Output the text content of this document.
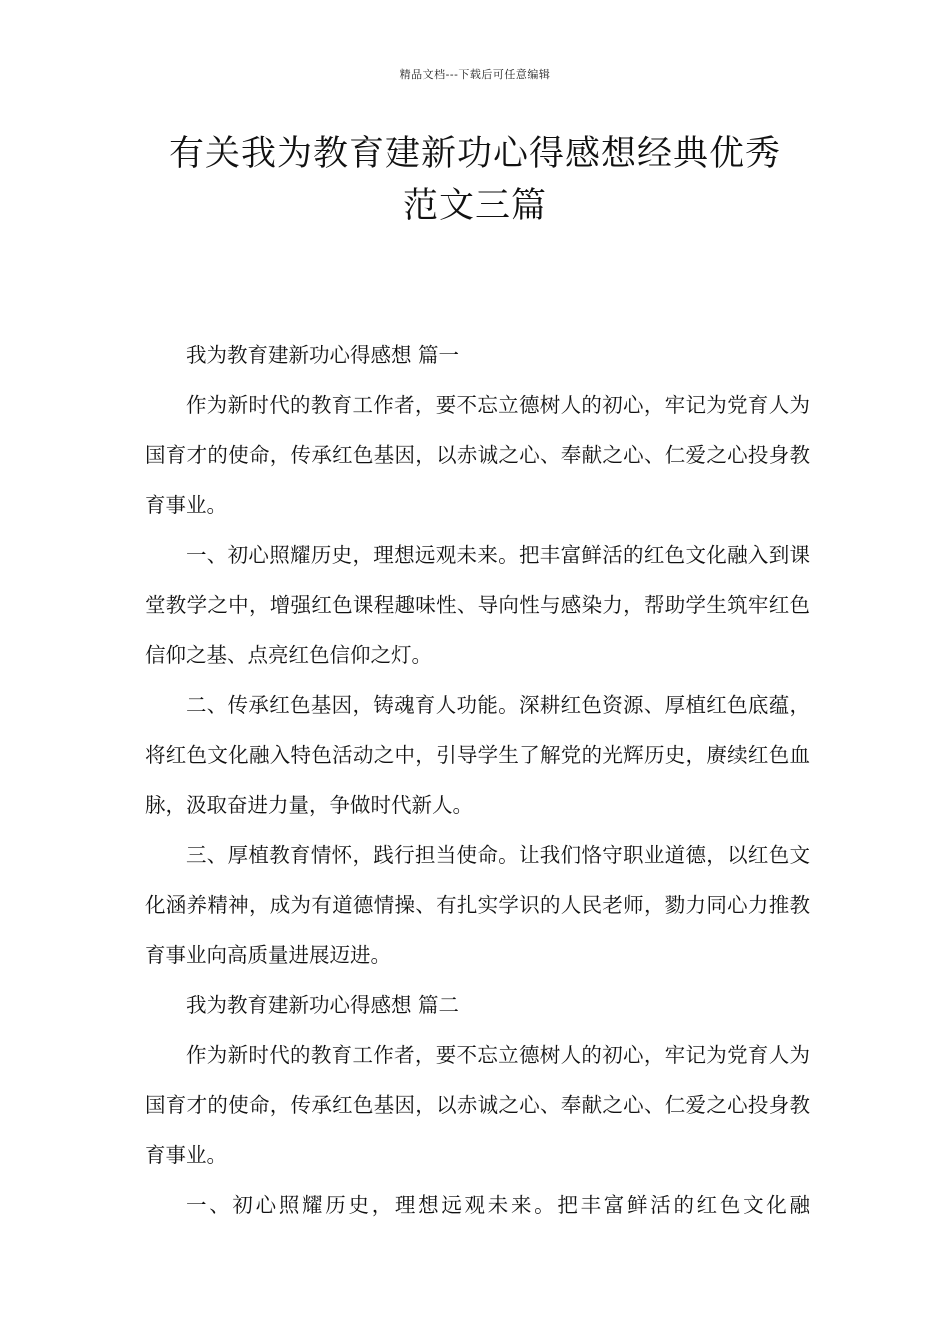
精品文档---下载后可任意编辑
有关我为教育建新功心得感想经典优秀
范文三篇

我为教育建新功心得感想 篇一

作为新时代的教育工作者，要不忘立德树人的初心，牢记为党育人为国育才的使命，传承红色基因，以赤诚之心、奉献之心、仁爱之心投身教育事业。

一、初心照耀历史，理想远观未来。把丰富鲜活的红色文化融入到课堂教学之中，增强红色课程趣味性、导向性与感染力，帮助学生筑牢红色信仰之基、点亮红色信仰之灯。

二、传承红色基因，铸魂育人功能。深耕红色资源、厚植红色底蕴，将红色文化融入特色活动之中，引导学生了解党的光辉历史，赓续红色血脉，汲取奋进力量，争做时代新人。

三、厚植教育情怀，践行担当使命。让我们恪守职业道德，以红色文化涵养精神，成为有道德情操、有扎实学识的人民老师，勠力同心力推教育事业向高质量进展迈进。

我为教育建新功心得感想 篇二

作为新时代的教育工作者，要不忘立德树人的初心，牢记为党育人为国育才的使命，传承红色基因，以赤诚之心、奉献之心、仁爱之心投身教育事业。

一、初心照耀历史，理想远观未来。把丰富鲜活的红色文化融
